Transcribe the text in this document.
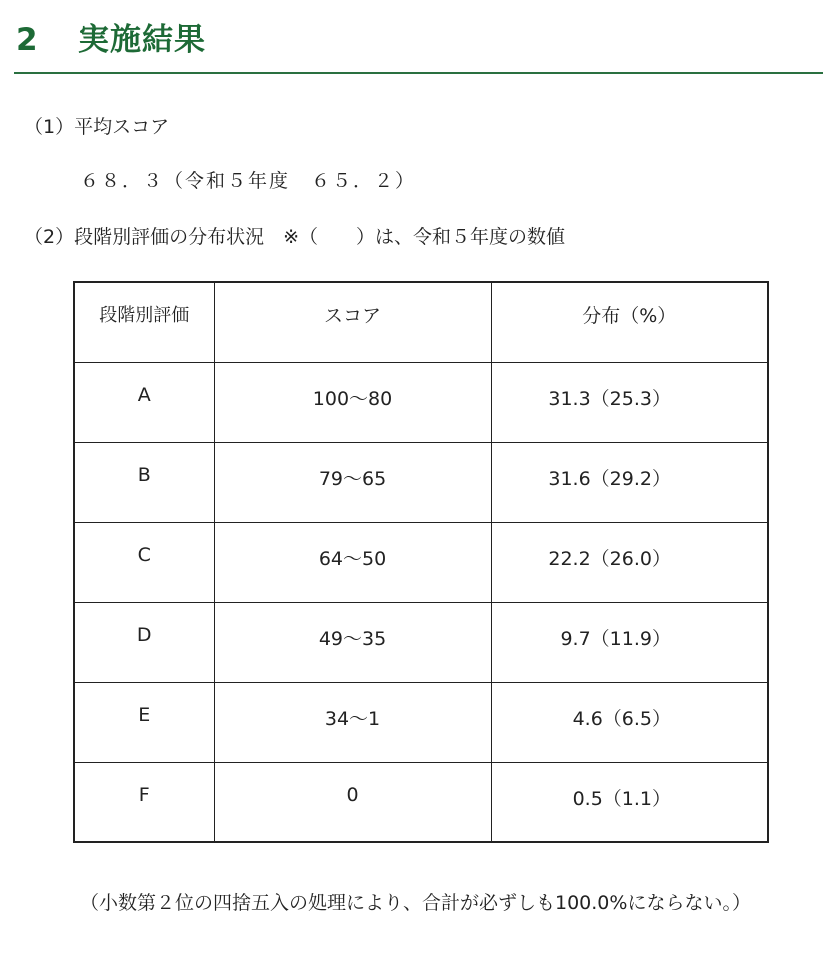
2 実施結果

（1）平均スコア

６８．３（令和５年度　６５．２）

（2）段階別評価の分布状況　※（　　）は、令和５年度の数値

段階別評価	スコア	分布（%）
A	100〜80	31.3（25.3）
B	79〜65	31.6（29.2）
C	64〜50	22.2（26.0）
D	49〜35	9.7（11.9）
E	34〜1	4.6（6.5）
F	0	0.5（1.1）

（小数第２位の四捨五入の処理により、合計が必ずしも100.0%にならない。）
